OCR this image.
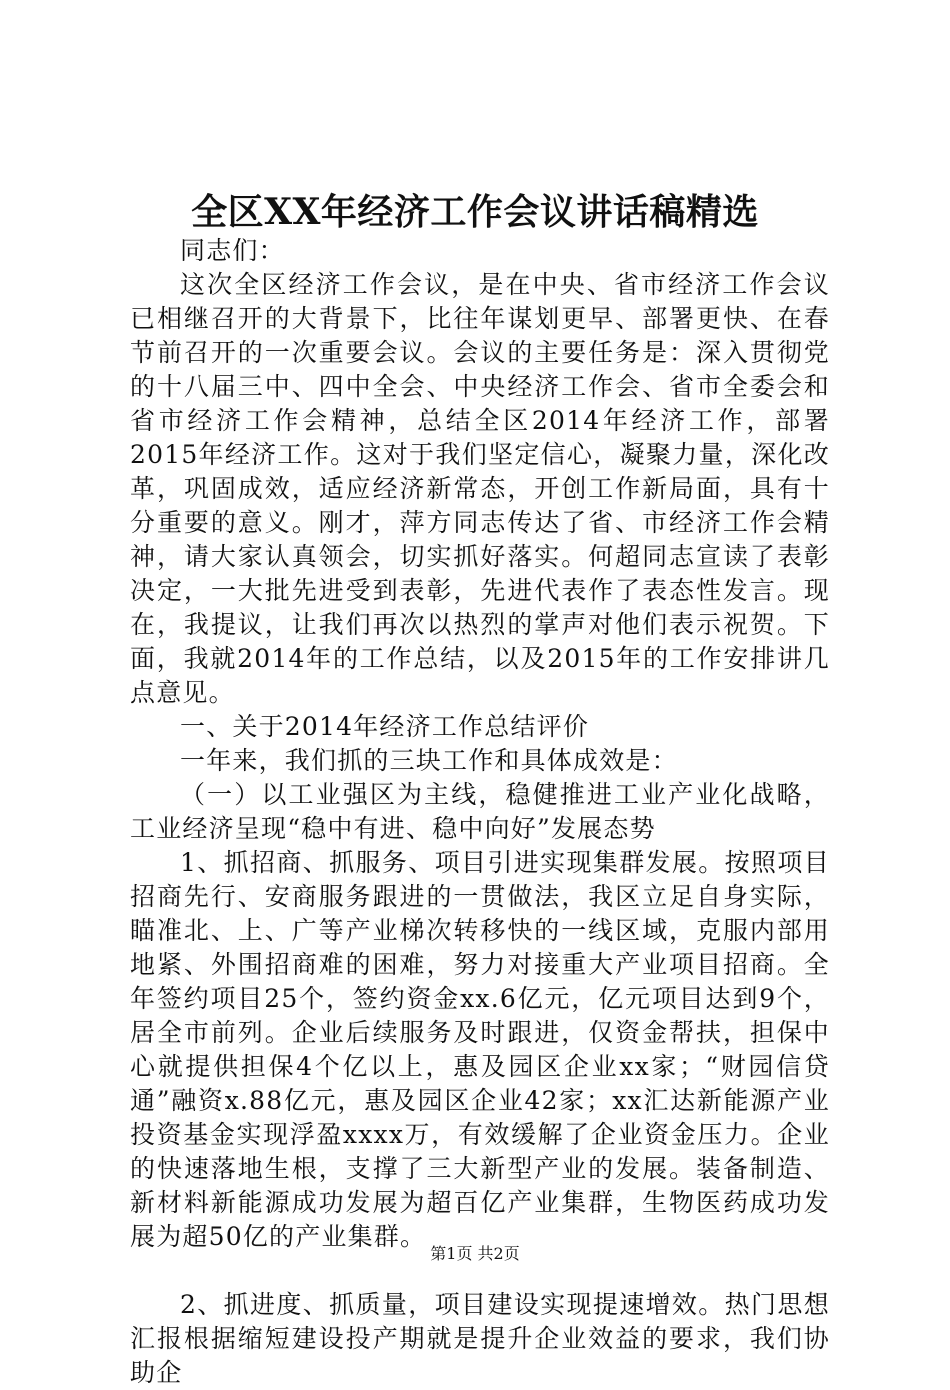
全区XX年经济工作会议讲话稿精选

同志们：

这次全区经济工作会议，是在中央、省市经济工作会议已相继召开的大背景下，比往年谋划更早、部署更快、在春节前召开的一次重要会议。会议的主要任务是：深入贯彻党的十八届三中、四中全会、中央经济工作会、省市全委会和省市经济工作会精神，总结全区2014年经济工作，部署2015年经济工作。这对于我们坚定信心，凝聚力量，深化改革，巩固成效，适应经济新常态，开创工作新局面，具有十分重要的意义。刚才，萍方同志传达了省、市经济工作会精神，请大家认真领会，切实抓好落实。何超同志宣读了表彰决定，一大批先进受到表彰，先进代表作了表态性发言。现在，我提议，让我们再次以热烈的掌声对他们表示祝贺。下面，我就2014年的工作总结，以及2015年的工作安排讲几点意见。

一、关于2014年经济工作总结评价

一年来，我们抓的三块工作和具体成效是：

（一）以工业强区为主线，稳健推进工业产业化战略，工业经济呈现“稳中有进、稳中向好”发展态势

1、抓招商、抓服务、项目引进实现集群发展。按照项目招商先行、安商服务跟进的一贯做法，我区立足自身实际，瞄准北、上、广等产业梯次转移快的一线区域，克服内部用地紧、外围招商难的困难，努力对接重大产业项目招商。全年签约项目25个，签约资金xx.6亿元，亿元项目达到9个，居全市前列。企业后续服务及时跟进，仅资金帮扶，担保中心就提供担保4个亿以上，惠及园区企业xx家；“财园信贷通”融资x.88亿元，惠及园区企业42家；xx汇达新能源产业投资基金实现浮盈xxxx万，有效缓解了企业资金压力。企业的快速落地生根，支撑了三大新型产业的发展。装备制造、新材料新能源成功发展为超百亿产业集群，生物医药成功发展为超50亿的产业集群。

2、抓进度、抓质量，项目建设实现提速增效。热门思想汇报根据缩短建设投产期就是提升企业效益的要求，我们协助企

第1页 共2页
